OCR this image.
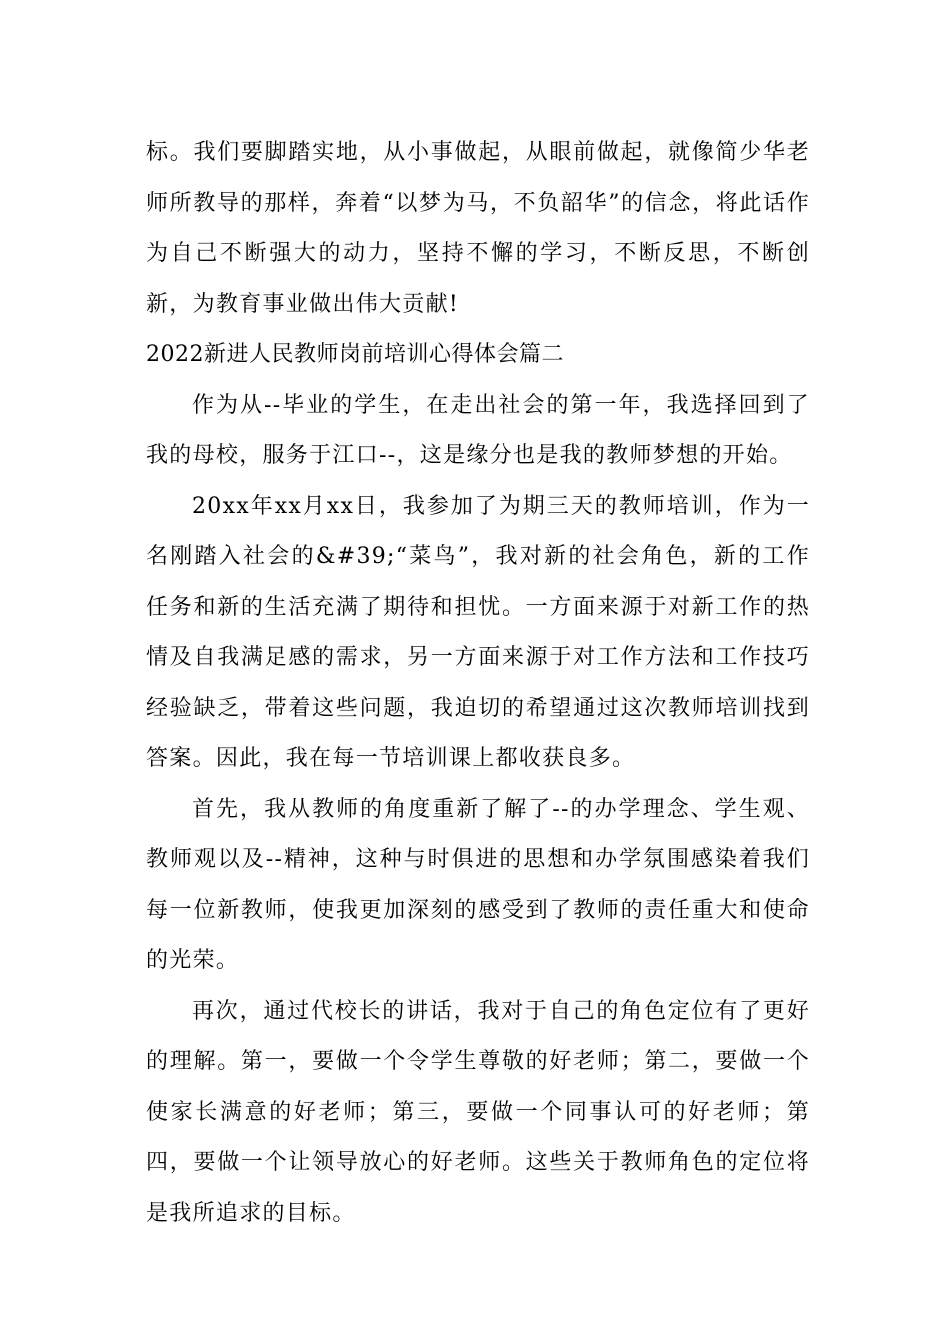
标。我们要脚踏实地，从小事做起，从眼前做起，就像简少华老师所教导的那样，奔着“以梦为马，不负韶华”的信念，将此话作为自己不断强大的动力，坚持不懈的学习，不断反思，不断创新，为教育事业做出伟大贡献!

2022新进人民教师岗前培训心得体会篇二

作为从--毕业的学生，在走出社会的第一年，我选择回到了我的母校，服务于江口--，这是缘分也是我的教师梦想的开始。

20xx年xx月xx日，我参加了为期三天的教师培训，作为一名刚踏入社会的&#39;“菜鸟”，我对新的社会角色，新的工作任务和新的生活充满了期待和担忧。一方面来源于对新工作的热情及自我满足感的需求，另一方面来源于对工作方法和工作技巧经验缺乏，带着这些问题，我迫切的希望通过这次教师培训找到答案。因此，我在每一节培训课上都收获良多。

首先，我从教师的角度重新了解了--的办学理念、学生观、教师观以及--精神，这种与时俱进的思想和办学氛围感染着我们每一位新教师，使我更加深刻的感受到了教师的责任重大和使命的光荣。

再次，通过代校长的讲话，我对于自己的角色定位有了更好的理解。第一，要做一个令学生尊敬的好老师；第二，要做一个使家长满意的好老师；第三，要做一个同事认可的好老师；第四，要做一个让领导放心的好老师。这些关于教师角色的定位将是我所追求的目标。
